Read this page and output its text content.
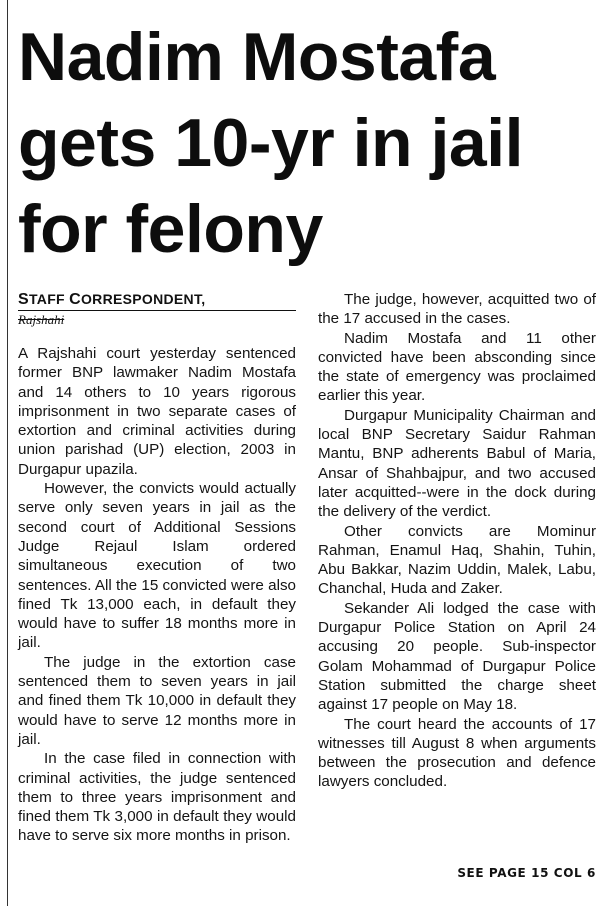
Nadim Mostafa
gets 10-yr in jail
for felony
STAFF CORRESPONDENT,
Rajshahi

A Rajshahi court yesterday sentenced former BNP lawmaker Nadim Mostafa and 14 others to 10 years rigorous imprisonment in two separate cases of extortion and criminal activities during union parishad (UP) election, 2003 in Durgapur upazila.

However, the convicts would actually serve only seven years in jail as the second court of Additional Sessions Judge Rejaul Islam ordered simultaneous execution of two sentences. All the 15 convicted were also fined Tk 13,000 each, in default they would have to suffer 18 months more in jail.

The judge in the extortion case sentenced them to seven years in jail and fined them Tk 10,000 in default they would have to serve 12 months more in jail.

In the case filed in connection with criminal activities, the judge sentenced them to three years imprisonment and fined them Tk 3,000 in default they would have to serve six more months in prison.

The judge, however, acquitted two of the 17 accused in the cases.

Nadim Mostafa and 11 other convicted have been absconding since the state of emergency was proclaimed earlier this year.

Durgapur Municipality Chairman and local BNP Secretary Saidur Rahman Mantu, BNP adherents Babul of Maria, Ansar of Shahbajpur, and two accused later acquitted--were in the dock during the delivery of the verdict.

Other convicts are Mominur Rahman, Enamul Haq, Shahin, Tuhin, Abu Bakkar, Nazim Uddin, Malek, Labu, Chanchal, Huda and Zaker.

Sekander Ali lodged the case with Durgapur Police Station on April 24 accusing 20 people. Sub-inspector Golam Mohammad of Durgapur Police Station submitted the charge sheet against 17 people on May 18.

The court heard the accounts of 17 witnesses till August 8 when arguments between the prosecution and defence lawyers concluded.

SEE PAGE 15 COL 6
